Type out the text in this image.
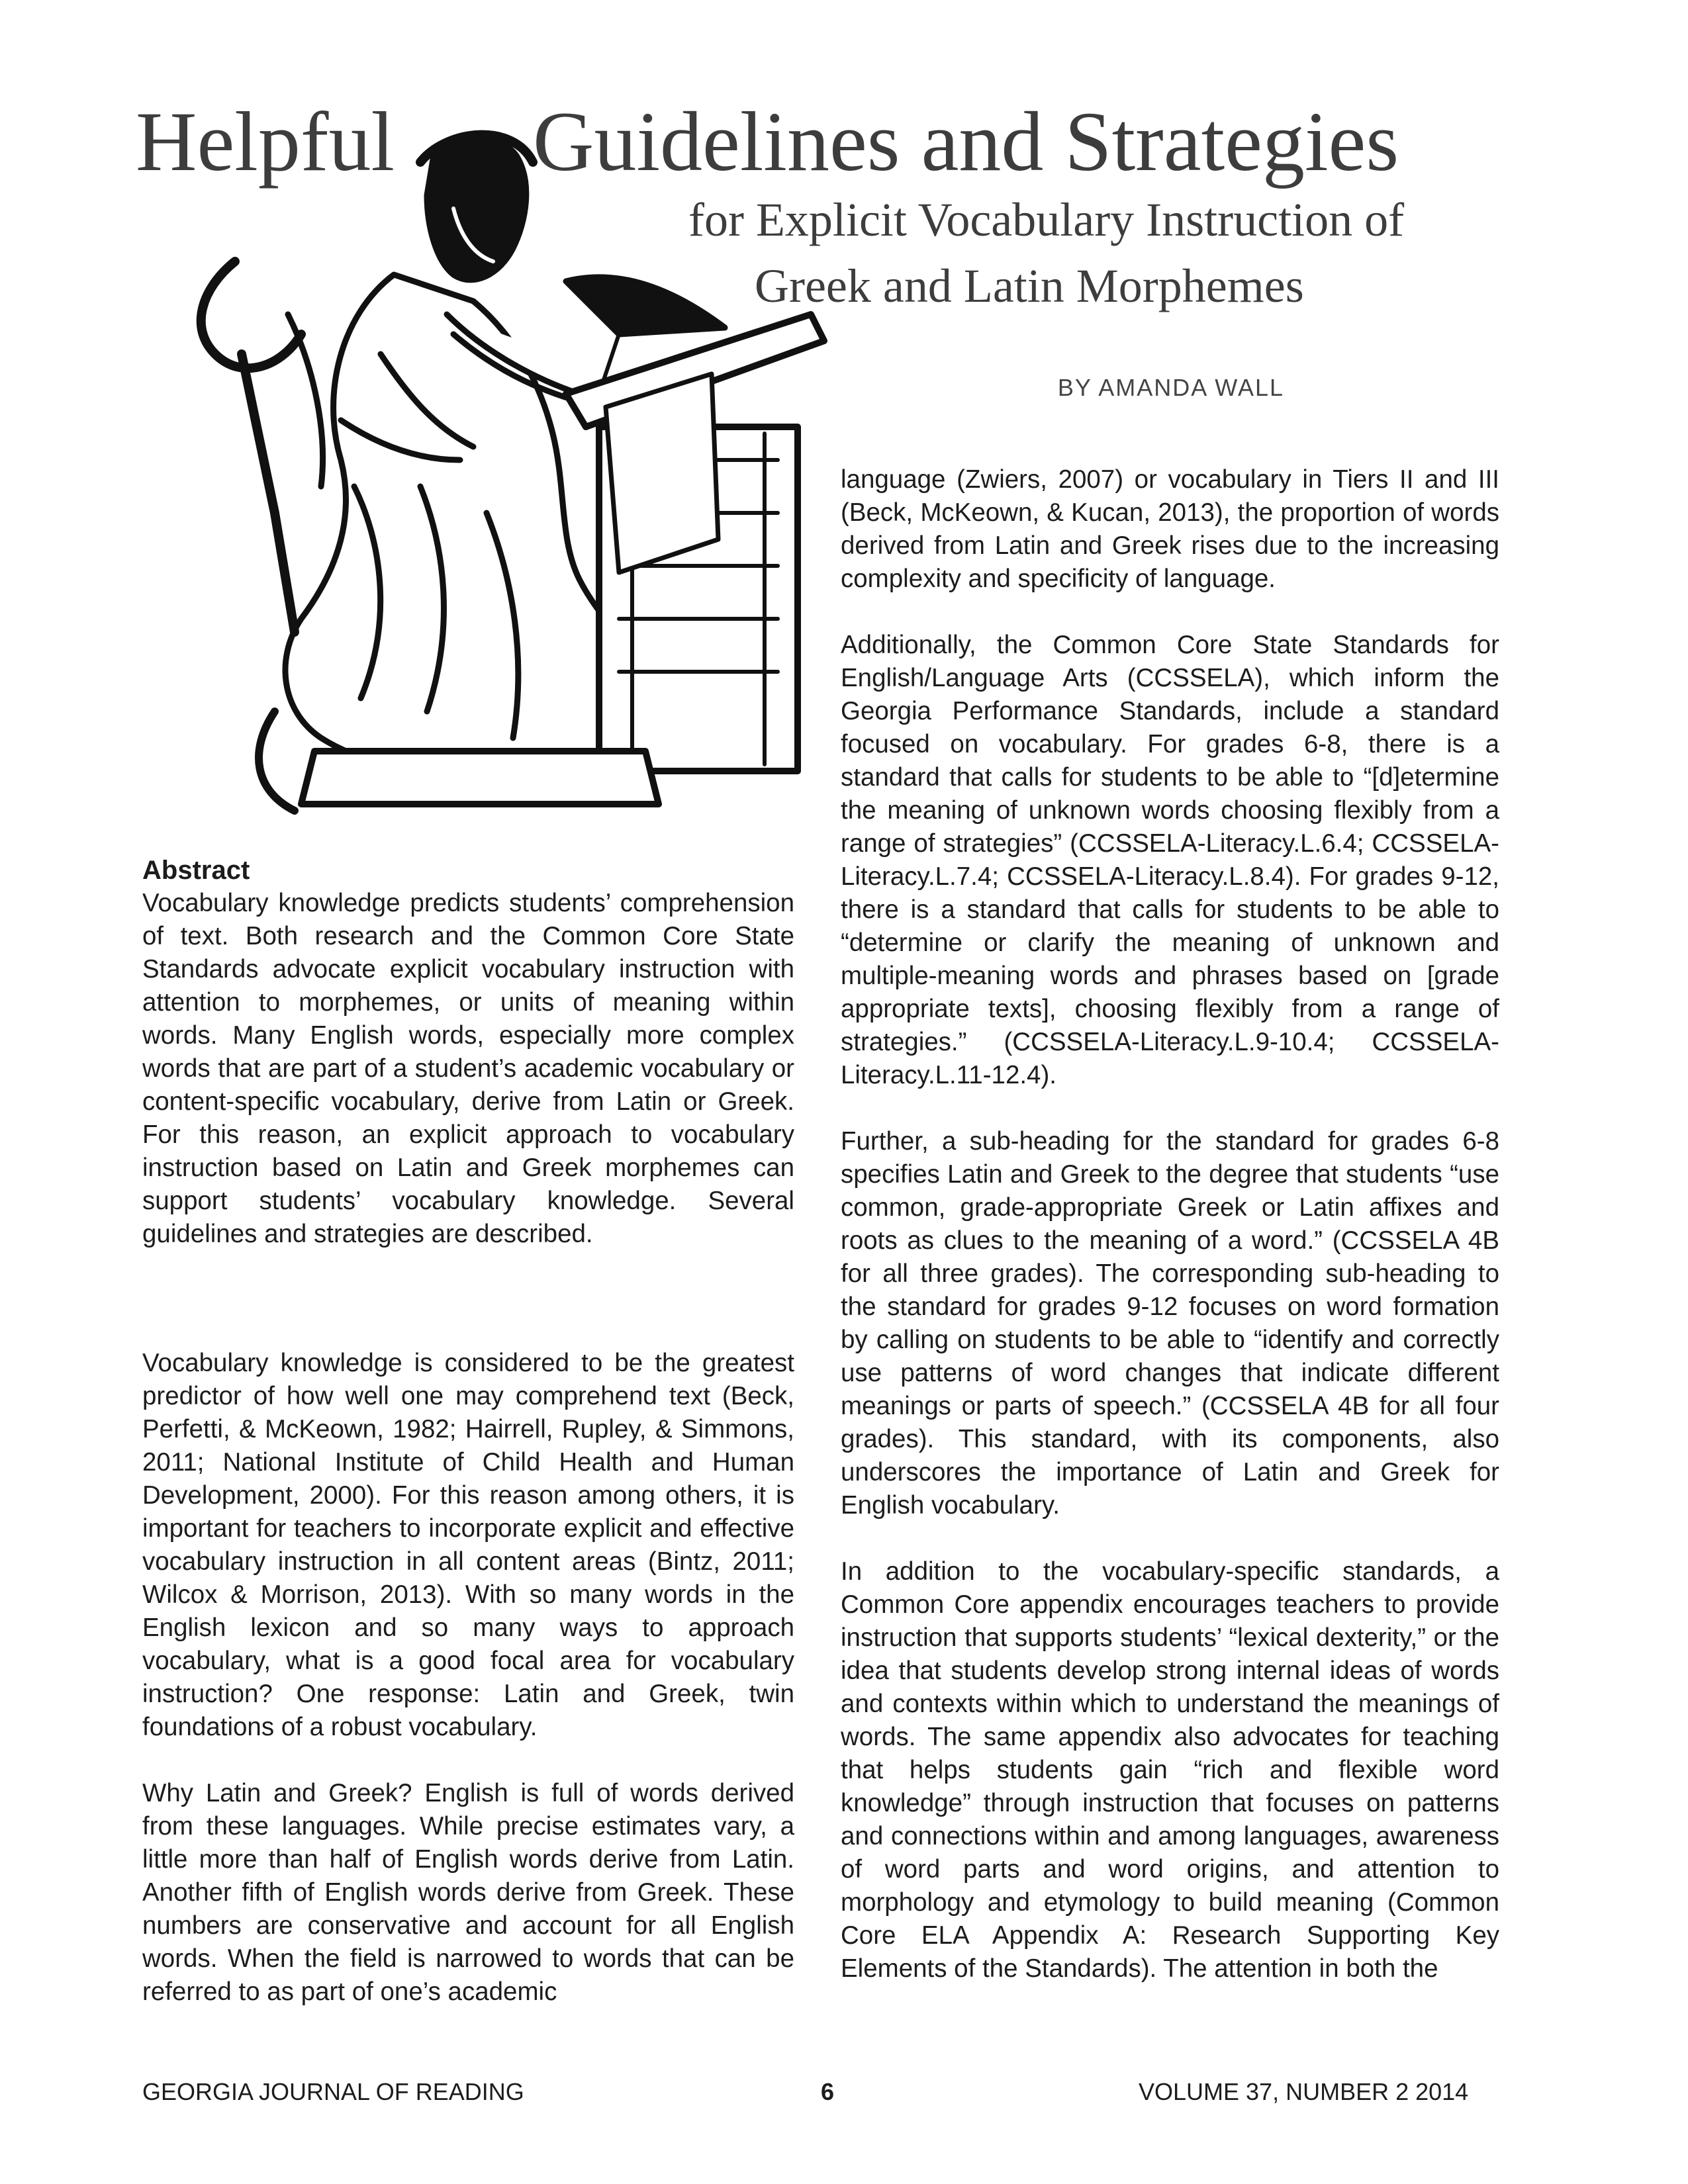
Helpful Guidelines and Strategies
for Explicit Vocabulary Instruction of
Greek and Latin Morphemes
BY AMANDA WALL

Abstract

Vocabulary knowledge predicts students’ comprehension of text. Both research and the Common Core State Standards advocate explicit vocabulary instruction with attention to morphemes, or units of meaning within words. Many English words, especially more complex words that are part of a student’s academic vocabulary or content-specific vocabulary, derive from Latin or Greek. For this reason, an explicit approach to vocabulary instruction based on Latin and Greek morphemes can support students’ vocabulary knowledge. Several guidelines and strategies are described.

Vocabulary knowledge is considered to be the greatest predictor of how well one may comprehend text (Beck, Perfetti, & McKeown, 1982; Hairrell, Rupley, & Simmons, 2011; National Institute of Child Health and Human Development, 2000). For this reason among others, it is important for teachers to incorporate explicit and effective vocabulary instruction in all content areas (Bintz, 2011; Wilcox & Morrison, 2013). With so many words in the English lexicon and so many ways to approach vocabulary, what is a good focal area for vocabulary instruction? One response: Latin and Greek, twin foundations of a robust vocabulary.

Why Latin and Greek? English is full of words derived from these languages. While precise estimates vary, a little more than half of English words derive from Latin. Another fifth of English words derive from Greek. These numbers are conservative and account for all English words. When the field is narrowed to words that can be referred to as part of one’s academic

language (Zwiers, 2007) or vocabulary in Tiers II and III (Beck, McKeown, & Kucan, 2013), the proportion of words derived from Latin and Greek rises due to the increasing complexity and specificity of language.

Additionally, the Common Core State Standards for English/Language Arts (CCSSELA), which inform the Georgia Performance Standards, include a standard focused on vocabulary. For grades 6-8, there is a standard that calls for students to be able to “[d]etermine the meaning of unknown words choosing flexibly from a range of strategies” (CCSSELA-Literacy.L.6.4; CCSSELA-Literacy.L.7.4; CCSSELA-Literacy.L.8.4). For grades 9-12, there is a standard that calls for students to be able to “determine or clarify the meaning of unknown and multiple-meaning words and phrases based on [grade appropriate texts], choosing flexibly from a range of strategies.” (CCSSELA-Literacy.L.9-10.4; CCSSELA-Literacy.L.11-12.4).

Further, a sub-heading for the standard for grades 6-8 specifies Latin and Greek to the degree that students “use common, grade-appropriate Greek or Latin affixes and roots as clues to the meaning of a word.” (CCSSELA 4B for all three grades). The corresponding sub-heading to the standard for grades 9-12 focuses on word formation by calling on students to be able to “identify and correctly use patterns of word changes that indicate different meanings or parts of speech.” (CCSSELA 4B for all four grades). This standard, with its components, also underscores the importance of Latin and Greek for English vocabulary.

In addition to the vocabulary-specific standards, a Common Core appendix encourages teachers to provide instruction that supports students’ “lexical dexterity,” or the idea that students develop strong internal ideas of words and contexts within which to understand the meanings of words. The same appendix also advocates for teaching that helps students gain “rich and flexible word knowledge” through instruction that focuses on patterns and connections within and among languages, awareness of word parts and word origins, and attention to morphology and etymology to build meaning (Common Core ELA Appendix A: Research Supporting Key Elements of the Standards). The attention in both the

GEORGIA JOURNAL OF READING	6	VOLUME 37, NUMBER 2 2014
